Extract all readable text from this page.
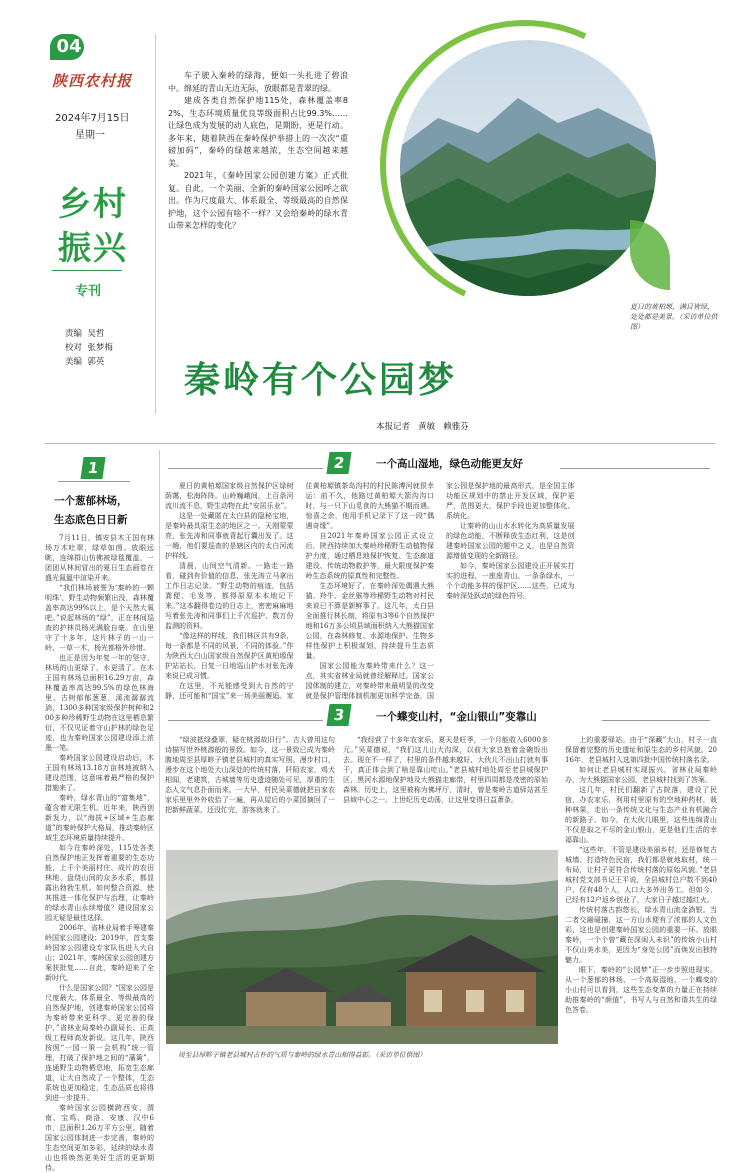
04
陕西农村报
2024年7月15日
星期一
乡村
振兴
专刊
责编  吴哲
校对  张梦梅
美编  郭英

车子驶入秦岭的绿海，便如一头扎进了碧浪中。绵延的青山无边无际，放眼都是青翠的绿。

建成各类自然保护地115处，森林覆盖率82%，生态环境质量优良等级面积占比99.3%……让绿色成为发展的动人底色，是期盼，更是行动。多年来，随着陕西在秦岭保护举措上的一次次“重磅加码”，秦岭的绿越来越浓，生态空间越来越美。

2021年，《秦岭国家公园创建方案》正式批复。自此，一个美丽、全新的秦岭国家公园呼之欲出。作为尺度最大、体系最全、等级最高的自然保护地，这个公园有啥不一样？又会给秦岭的绿水青山带来怎样的变化？

夏日的黄柏塬，满目皆绿，处处都是美景。（采访单位供图）
秦岭有个公园梦
本报记者   黄敏   赖雅芬
1
一个葱郁林场，
生态底色日日新

7月11日，镇安县木王国有林场万木吐翠，绿草如茵。放眼远眺，连绵群山仿佛被绿毯覆盖，一团团从林间冒出的夏日生态画卷在盛光氤氲中渲染开来。

“我们林场被誉为‘秦岭的一颗明珠’，野生动物频繁出没，森林覆盖率高达99%以上，是个天然大氧吧。”说起林场的“绿”，正在林间巡查的护林员杨光满脸自豪。在山里守了十多年，这片林子的一山一岭、一草一木，杨光都格外珍惜。

也正是因为年复一年的坚守，林场的山更绿了，水更清了。在木王国有林场总面积16.29万亩，森林覆盖率高达99.5%的绿色林海里，古树郁郁葱葱，溪流潺潺流淌，1300多种国家级保护树种和200多种珍稀野生动物在这里栖息繁衍，不仅见证着守山护林的绿色足迹，也为秦岭国家公园建设添上浓墨一笔。

秦岭国家公园建设启动后，木王国有林场13.18万亩林地被纳入建设范围，这意味着最严格的保护措施来了。

秦岭，绿水青山的“富集地”，蕴含着无限生机。近年来，陕西创新发力，以“海拔+区域+生态廊道”的秦岭保护大格局，推动秦岭区域生态环境质量持续提升。

如今在秦岭深处，115处各类自然保护地正发挥着重要的生态功能，上千个美丽村庄、成片的农田林地、盘绕山间的众多水系，都显露出勃勃生机。如何整合资源，使其推进一体化保护与治理，让秦岭的绿水青山永续增值？建设国家公园无疑是最佳选择。

2006年，省林业局着手筹建秦岭国家公园建设；2019年，首支秦岭国家公园建设专家队伍进入大自山；2021年，秦岭国家公园创建方案获批复……自此，秦岭迎来了全新时代。

什么是国家公园？“国家公园是尺度最大、体系最全、等级最高的自然保护地，创建秦岭国家公园将为秦岭带来更科学、更完善的保护，”省林业局秦岭办副局长、正高级工程师高发新说。这几年，陕西按照“一园一策一会机构”统一管理，打破了保护地之间的“藩篱”，连通野生动物栖息地，拓宽生态廊道，让大自然成了一个整体，生态系统也更加稳定，生态品质也将得到进一步提升。

秦岭国家公园横跨西安、渭南、宝鸡、商洛、安康、汉中6市，总面积1.26万平方公里。随着国家公园体制进一步完善，秦岭的生态空间更加多彩，延续的绿水青山也将焕然更美好生活的更新期待。

2	一个高山湿地，绿色动能更友好

夏日的黄柏塬国家级自然保护区绿树荫霭，松海阵阵。山岭巍峨间，上百条河流川流不息，野生动物在此“安居乐业”。

这是一处藏匿在太白县的隐秘宝地，是秦岭最具原生态的地区之一。天刚蒙蒙亮，张先涛和同事就背起行囊出发了。这一趟，他们要巡查的是辖区内的太白河流护样线。

清晨，山间空气清新。一路走一路看，碰到有价值的信息，张先涛立马拿出工作日志记录。“野生动物的痕迹，包括粪便、毛发等，都得原原本本地记下来。”这本翻得卷边的日志上，密密麻麻地写着张先涛和同事们上千次巡护、数万份监测的资料。

“像这样的样线，我们林区共有9条，每一条都是不同的风景，不同的体验。”作为陕西太白山国家级自然保护区黄柏塬保护站站长，日复一日地巡山护水对张先涛来说已成习惯。

在这里，不光能感受到大自然的宁静，还可能和“国宝”来一场美丽邂逅。家住黄柏塬镇茶岛沟村的村民陈溥河就很幸运：前不久，他路过黄柏塬大箭沟沟口时，与一只下山觅食的大熊猫不期而遇。惊喜之余，他用手机记录下了这一段“偶遇奇缘”。

自2021年秦岭国家公园正式设立后，陕西持续加大秦岭珍稀野生动植物保护力度，通过栖息地保护恢复、生态廊道建设、传统动物救护等，最大限度保护秦岭生态系统的原真性和完整性。

生态环境好了，在秦岭深处偶遇大熊猫、羚牛、金丝猴等珍稀野生动物对村民来说已不算是新鲜事了。这几年，太白县全面推行林长制，将原有3等6个自然保护地和16万多公顷县域面积纳入大熊猫国家公园，在森林修复、水源地保护、生物多样性保护上积极谋划，持续提升生态质量。

国家公园能为秦岭带来什么？这一点，其实省林业局就曾经解释过。国家公园体制的建立，对秦岭带来最明显的改变就是保护管理体制机制更加科学完备，国家公园是保护地的最高形式，是全国主体功能区规划中的禁止开发区域，保护更严，范围更大，保护手段也更加整体化、系统化。

让秦岭的山山水水转化为高质量发展的绿色动能，不断释放生态红利，这是创建秦岭国家公园的题中之义，也是自然资源增值变现的全新路径。

如今，秦岭国家公园建设正开展实打实的进程，一座座青山、一条条绿水，一个个动能多样的保护区……这些，已成为秦岭深处跃动的绿色符号。

3	一个蝶变山村，“金山银山”变靠山

“绿波抵绿叠翠，疑在桃源故旧行”。古人曾用这句诗描写世外桃源般的景致。如今，这一景致已成为秦岭腹地周至县厚畛子镇老县城村的真实写照。漫步村口，漫步在这个地处大山深处的传统村落，阡陌农家，鸡犬相闻，老建筑，古城墙等历史遗迹随处可见，厚重的生态人文气息扑面而来。一大早，村民吴菜德就把自家农家乐里里外外收拾了一遍，再从屋后的小菜园摘回了一把新鲜蔬菜，还没忙完，游客就来了。

“我经营了十多年农家乐，夏天是旺季，一个月能收入6000多元。”吴菜德说，“我们这儿山大沟深，以前大家总抱着金碗饭出去。现在不一样了，村里的条件越来越好，大伙儿不出山打就有事干，真正体会到了啥是靠山吃山。”老县城村地处周至老县城保护区，黑河水源地保护地及大熊猫走廊带，村里四周都是茂密的原始森林。历史上，这里被称为佛坪厅，清时，曾是秦岭古道驿站甚至县域中心之一。上世纪历史动荡，让这里变得日益萧条。

上的重要驿站。由于“深藏”大山，村子一直保留着完整的历史遗址和原生态的乡村风貌。2016年，老县城村入选第四批中国传统村落名录。

如何让老县城村实现振兴，省林业局秦岭办，为大熊猫国家公园，老县城村找到了答案。

这几年，村民们翻新了古院落，建设了民宿，办农家乐，利用村里原有的空地种药材，栽种林果，走出一条传统文化与生态产业有机融合的新路子。如今，在大伙儿眼里，这些连绵青山不仅是取之不尽的金山银山，更是他们生活的幸福靠山。

“这些年，不管是建设美丽乡村，还是修复古城墙、打造特色民宿，我们都是就地取材，统一布局，让村子更符合传统村落的原始风貌。”老县城村党支部书记王平说，全县城村总户数不到40户、仅有48个人，人口大多外出务工。但如今，已经有12户返乡创业了，大家日子越过越红火。

传统村落古韵悠长，绿水青山流金淌银。当二者交融碰撞，这一方山水便有了浓郁的人文色彩，这也是创建秦岭国家公园的重要一环。放眼秦岭，一个个曾“藏在深闺人未识”的传统小山村不仅山美水美，更因为“身处公园”而焕发出独特魅力。

眼下，秦岭的“公园梦”正一步步照进现实。从一个葱郁的林场、一个高原湿地、一个蝶变的小山村可以看到，这些生态变革的力量正在持续助推秦岭的“颜值”，书写人与自然和谐共生的绿色答卷。

周至县厚畛子镇老县城村古朴的气质与秦岭的绿水青山相得益彰。（采访单位供图）
